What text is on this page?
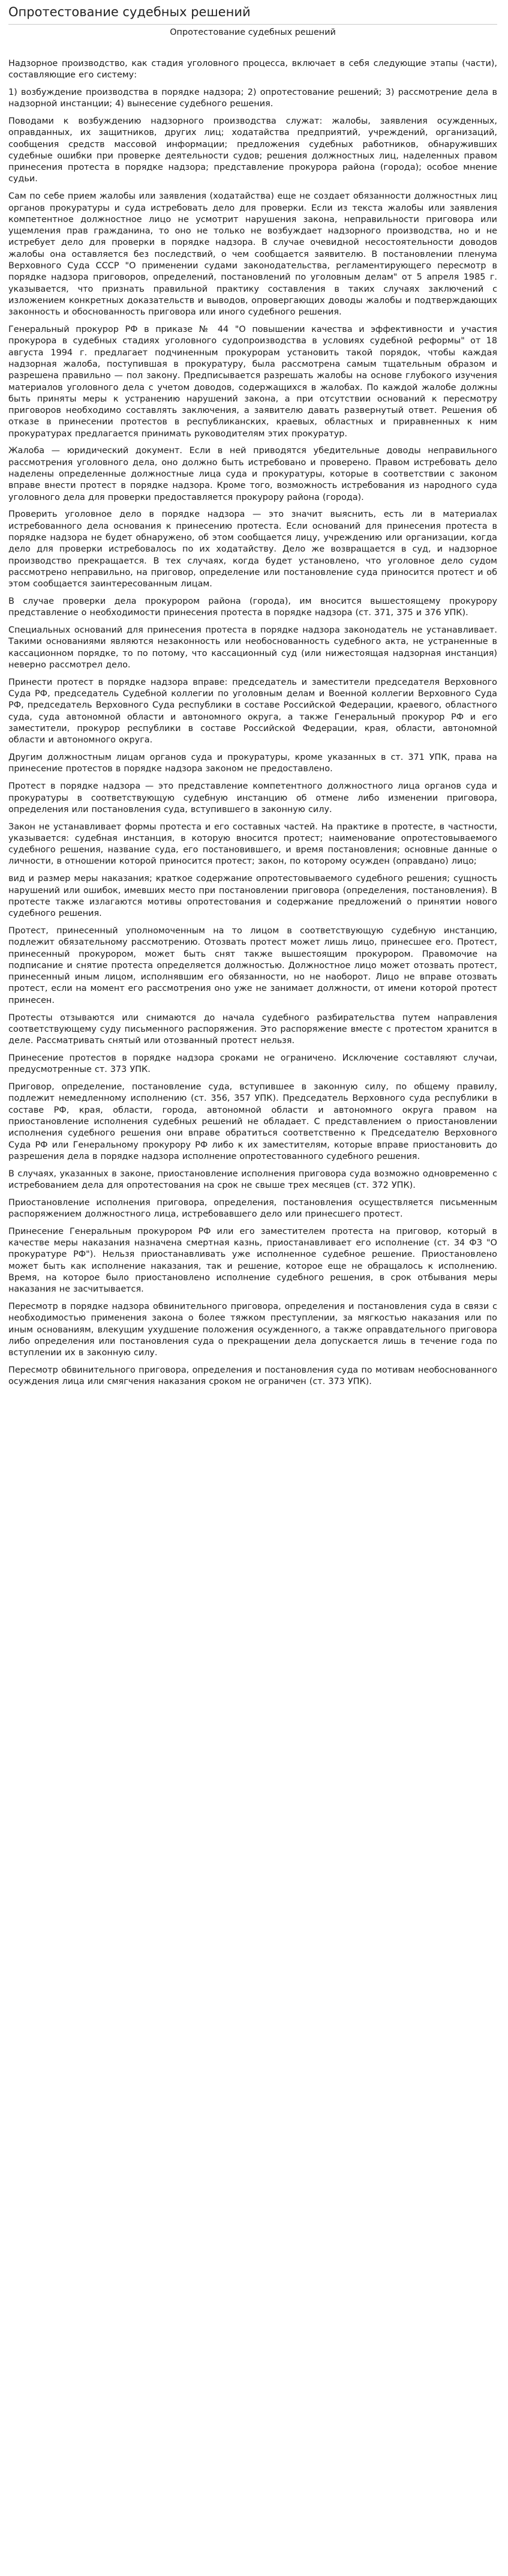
Опротестование судебных решений
Опротестование судебных решений

Надзорное производство, как стадия уголовного процесса, включает в себя следующие этапы (части), составляющие его систему:

1) возбуждение производства в порядке надзора; 2) опротестование решений; 3) рассмотрение дела в надзорной инстанции; 4) вынесение судебного решения.

Поводами к возбуждению надзорного производства служат: жалобы, заявления осужденных, оправданных, их защитников, других лиц; ходатайства предприятий, учреждений, организаций, сообщения средств массовой информации; предложения судебных работников, обнаруживших судебные ошибки при проверке деятельности судов; решения должностных лиц, наделенных правом принесения протеста в порядке надзора; представление прокурора района (города); особое мнение судьи.

Сам по себе прием жалобы или заявления (ходатайства) еще не создает обязанности должностных лиц органов прокуратуры и суда истребовать дело для проверки. Если из текста жалобы или заявления компетентное должностное лицо не усмотрит нарушения закона, неправильности приговора или ущемления прав гражданина, то оно не только не возбуждает надзорного производства, но и не истребует дело для проверки в порядке надзора. В случае очевидной несостоятельности доводов жалобы она оставляется без последствий, о чем сообщается заявителю. В постановлении пленума Верховного Суда СССР "О применении судами законодательства, регламентирующего пересмотр в порядке надзора приговоров, определений, постановлений по уголовным делам" от 5 апреля 1985 г. указывается, что признать правильной практику составления в таких случаях заключений с изложением конкретных доказательств и выводов, опровергающих доводы жалобы и подтверждающих законность и обоснованность приговора или иного судебного решения.

Генеральный прокурор РФ в приказе № 44 "О повышении качества и эффективности и участия прокурора в судебных стадиях уголовного судопроизводства в условиях судебной реформы" от 18 августа 1994 г. предлагает подчиненным прокурорам установить такой порядок, чтобы каждая надзорная жалоба, поступившая в прокуратуру, была рассмотрена самым тщательным образом и разрешена правильно — пол закону. Предписывается разрешать жалобы на основе глубокого изучения материалов уголовного дела с учетом доводов, содержащихся в жалобах. По каждой жалобе должны быть приняты меры к устранению нарушений закона, а при отсутствии оснований к пересмотру приговоров необходимо составлять заключения, а заявителю давать развернутый ответ. Решения об отказе в принесении протестов в республиканских, краевых, областных и приравненных к ним прокуратурах предлагается принимать руководителям этих прокуратур.

Жалоба — юридический документ. Если в ней приводятся убедительные доводы неправильного рассмотрения уголовного дела, оно должно быть истребовано и проверено. Правом истребовать дело наделены определенные должностные лица суда и прокуратуры, которые в соответствии с законом вправе внести протест в порядке надзора. Кроме того, возможность истребования из народного суда уголовного дела для проверки предоставляется прокурору района (города).

Проверить уголовное дело в порядке надзора — это значит выяснить, есть ли в материалах истребованного дела основания к принесению протеста. Если оснований для принесения протеста в порядке надзора не будет обнаружено, об этом сообщается лицу, учреждению или организации, когда дело для проверки истребовалось по их ходатайству. Дело же возвращается в суд, и надзорное производство прекращается. В тех случаях, когда будет установлено, что уголовное дело судом рассмотрено неправильно, на приговор, определение или постановление суда приносится протест и об этом сообщается заинтересованным лицам.

В случае проверки дела прокурором района (города), им вносится вышестоящему прокурору представление о необходимости принесения протеста в порядке надзора (ст. 371, 375 и 376 УПК).

Специальных оснований для принесения протеста в порядке надзора законодатель не устанавливает. Такими основаниями являются незаконность или необоснованность судебного акта, не устраненные в кассационном порядке, то по потому, что кассационный суд (или нижестоящая надзорная инстанция) неверно рассмотрел дело.

Принести протест в порядке надзора вправе: председатель и заместители председателя Верховного Суда РФ, председатель Судебной коллегии по уголовным делам и Военной коллегии Верховного Суда РФ, председатель Верховного Суда республики в составе Российской Федерации, краевого, областного суда, суда автономной области и автономного округа, а также Генеральный прокурор РФ и его заместители, прокурор республики в составе Российской Федерации, края, области, автономной области и автономного округа.

Другим должностным лицам органов суда и прокуратуры, кроме указанных в ст. 371 УПК, права на принесение протестов в порядке надзора законом не предоставлено.

Протест в порядке надзора — это представление компетентного должностного лица органов суда и прокуратуры в соответствующую судебную инстанцию об отмене либо изменении приговора, определения или постановления суда, вступившего в законную силу.

Закон не устанавливает формы протеста и его составных частей. На практике в протесте, в частности, указывается: судебная инстанция, в которую вносится протест; наименование опротестовываемого судебного решения, название суда, его постановившего, и время постановления; основные данные о личности, в отношении которой приносится протест; закон, по которому осужден (оправдано) лицо;

вид и размер меры наказания; краткое содержание опротестовываемого судебного решения; сущность нарушений или ошибок, имевших место при постановлении приговора (определения, постановления). В протесте также излагаются мотивы опротестования и содержание предложений о принятии нового судебного решения.

Протест, принесенный уполномоченным на то лицом в соответствующую судебную инстанцию, подлежит обязательному рассмотрению. Отозвать протест может лишь лицо, принесшее его. Протест, принесенный прокурором, может быть снят также вышестоящим прокурором. Правомочие на подписание и снятие протеста определяется должностью. Должностное лицо может отозвать протест, принесенный иным лицом, исполнявшим его обязанности, но не наоборот. Лицо не вправе отозвать протест, если на момент его рассмотрения оно уже не занимает должности, от имени которой протест принесен.

Протесты отзываются или снимаются до начала судебного разбирательства путем направления соответствующему суду письменного распоряжения. Это распоряжение вместе с протестом хранится в деле. Рассматривать снятый или отозванный протест нельзя.

Принесение протестов в порядке надзора сроками не ограничено. Исключение составляют случаи, предусмотренные ст. 373 УПК.

Приговор, определение, постановление суда, вступившее в законную силу, по общему правилу, подлежит немедленному исполнению (ст. 356, 357 УПК). Председатель Верховного суда республики в составе РФ, края, области, города, автономной области и автономного округа правом на приостановление исполнения судебных решений не обладает. С представлением о приостановлении исполнения судебного решения они вправе обратиться соответственно к Председателю Верховного Суда РФ или Генеральному прокурору РФ либо к их заместителям, которые вправе приостановить до разрешения дела в порядке надзора исполнение опротестованного судебного решения.

В случаях, указанных в законе, приостановление исполнения приговора суда возможно одновременно с истребованием дела для опротестования на срок не свыше трех месяцев (ст. 372 УПК).

Приостановление исполнения приговора, определения, постановления осуществляется письменным распоряжением должностного лица, истребовавшего дело или принесшего протест.

Принесение Генеральным прокурором РФ или его заместителем протеста на приговор, который в качестве меры наказания назначена смертная казнь, приостанавливает его исполнение (ст. 34 ФЗ "О прокуратуре РФ"). Нельзя приостанавливать уже исполненное судебное решение. Приостановлено может быть как исполнение наказания, так и решение, которое еще не обращалось к исполнению. Время, на которое было приостановлено исполнение судебного решения, в срок отбывания меры наказания не засчитывается.

Пересмотр в порядке надзора обвинительного приговора, определения и постановления суда в связи с необходимостью применения закона о более тяжком преступлении, за мягкостью наказания или по иным основаниям, влекущим ухудшение положения осужденного, а также оправдательного приговора либо определения или постановления суда о прекращении дела допускается лишь в течение года по вступлении их в законную силу.

Пересмотр обвинительного приговора, определения и постановления суда по мотивам необоснованного осуждения лица или смягчения наказания сроком не ограничен (ст. 373 УПК).
